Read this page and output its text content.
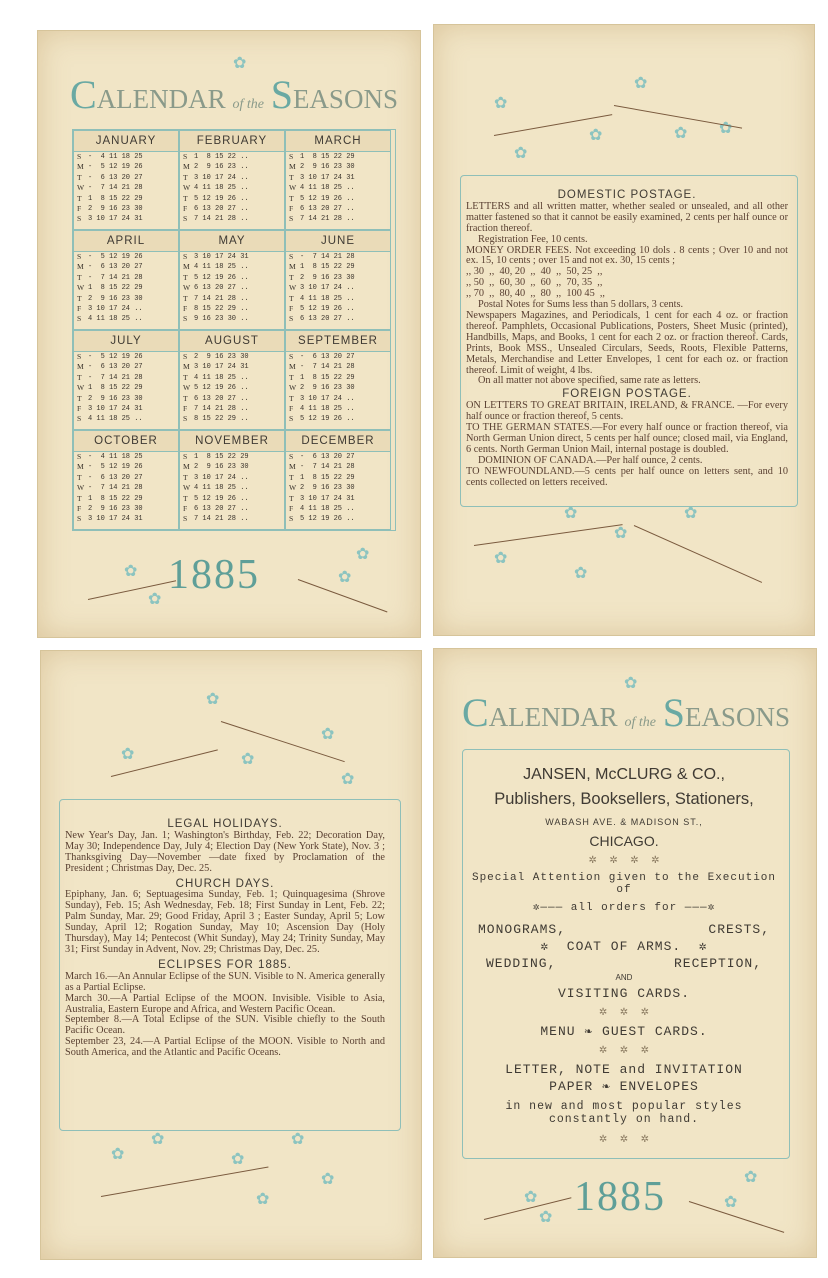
CALENDAR of the SEASONS
JANUARY
S -  4 11 18 25
M -  5 12 19 26
T -  6 13 20 27
W -  7 14 21 28
T 1  8 15 22 29
F 2  9 16 23 30
S 3 10 17 24 31
FEBRUARY
S 1  8 15 22 ..
M 2  9 16 23 ..
T 3 10 17 24 ..
W 4 11 18 25 ..
T 5 12 19 26 ..
F 6 13 20 27 ..
S 7 14 21 28 ..
MARCH
S 1  8 15 22 29
M 2  9 16 23 30
T 3 10 17 24 31
W 4 11 18 25 ..
T 5 12 19 26 ..
F 6 13 20 27 ..
S 7 14 21 28 ..
APRIL
S -  5 12 19 26
M -  6 13 20 27
T -  7 14 21 28
W 1  8 15 22 29
T 2  9 16 23 30
F 3 10 17 24 ..
S 4 11 18 25 ..
MAY
S 3 10 17 24 31
M 4 11 18 25 ..
T 5 12 19 26 ..
W 6 13 20 27 ..
T 7 14 21 28 ..
F 8 15 22 29 ..
S 9 16 23 30 ..
JUNE
S -  7 14 21 28
M 1  8 15 22 29
T 2  9 16 23 30
W 3 10 17 24 ..
T 4 11 18 25 ..
F 5 12 19 26 ..
S 6 13 20 27 ..
JULY
S -  5 12 19 26
M -  6 13 20 27
T -  7 14 21 28
W 1  8 15 22 29
T 2  9 16 23 30
F 3 10 17 24 31
S 4 11 18 25 ..
AUGUST
S 2  9 16 23 30
M 3 10 17 24 31
T 4 11 18 25 ..
W 5 12 19 26 ..
T 6 13 20 27 ..
F 7 14 21 28 ..
S 8 15 22 29 ..
SEPTEMBER
S -  6 13 20 27
M -  7 14 21 28
T 1  8 15 22 29
W 2  9 16 23 30
T 3 10 17 24 ..
F 4 11 18 25 ..
S 5 12 19 26 ..
OCTOBER
S -  4 11 18 25
M -  5 12 19 26
T -  6 13 20 27
W -  7 14 21 28
T 1  8 15 22 29
F 2  9 16 23 30
S 3 10 17 24 31
NOVEMBER
S 1  8 15 22 29
M 2  9 16 23 30
T 3 10 17 24 ..
W 4 11 18 25 ..
T 5 12 19 26 ..
F 6 13 20 27 ..
S 7 14 21 28 ..
DECEMBER
S -  6 13 20 27
M -  7 14 21 28
T 1  8 15 22 29
W 2  9 16 23 30
T 3 10 17 24 31
F 4 11 18 25 ..
S 5 12 19 26 ..
1885
✿
✿
✿
✿
✿
✿
✿
✿
✿
✿
✿
DOMESTIC POSTAGE.

LETTERS and all written matter, whether sealed or unsealed, and all other matter fastened so that it cannot be easily examined, 2 cents per half ounce or fraction thereof.

Registration Fee, 10 cents.

MONEY ORDER FEES. Not exceeding 10 dols . 8 cents ; Over 10 and not ex. 15, 10 cents ; over 15 and not ex. 30, 15 cents ;

,, 30  ,,  40, 20  ,,  40  ,,  50, 25  ,,

,, 50  ,,  60, 30  ,,  60  ,,  70, 35  ,,

,, 70  ,,  80, 40  ,,  80  ,,  100 45  ,,

Postal Notes for Sums less than 5 dollars, 3 cents.

Newspapers Magazines, and Periodicals, 1 cent for each 4 oz. or fraction thereof. Pamphlets, Occasional Publications, Posters, Sheet Music (printed), Handbills, Maps, and Books, 1 cent for each 2 oz. or fraction thereof. Cards, Prints, Book MSS., Unsealed Circulars, Seeds, Roots, Flexible Patterns, Metals, Merchandise and Letter Envelopes, 1 cent for each oz. or fraction thereof. Limit of weight, 4 lbs.

On all matter not above specified, same rate as letters.

FOREIGN POSTAGE.

ON LETTERS TO GREAT BRITAIN, IRELAND, & FRANCE. —For every half ounce or fraction thereof, 5 cents.

TO THE GERMAN STATES.—For every half ounce or fraction thereof, via North German Union direct, 5 cents per half ounce; closed mail, via England, 6 cents. North German Union Mail, internal postage is doubled.

DOMINION OF CANADA.—Per half ounce, 2 cents.

TO NEWFOUNDLAND.—5 cents per half ounce on letters sent, and 10 cents collected on letters received.

✿
✿
✿
✿
✿
✿
✿
✿
✿
✿
LEGAL HOLIDAYS.

New Year's Day, Jan. 1; Washington's Birthday, Feb. 22; Decoration Day, May 30; Independence Day, July 4; Election Day (New York State), Nov. 3 ; Thanksgiving Day—November —date fixed by Proclamation of the President ; Christmas Day, Dec. 25.

CHURCH DAYS.

Epiphany, Jan. 6; Septuagesima Sunday, Feb. 1; Quinquagesima (Shrove Sunday), Feb. 15; Ash Wednesday, Feb. 18; First Sunday in Lent, Feb. 22; Palm Sunday, Mar. 29; Good Friday, April 3 ; Easter Sunday, April 5; Low Sunday, April 12; Rogation Sunday, May 10; Ascension Day (Holy Thursday), May 14; Pentecost (Whit Sunday), May 24; Trinity Sunday, May 31; First Sunday in Advent, Nov. 29; Christmas Day, Dec. 25.

ECLIPSES FOR 1885.

March 16.—An Annular Eclipse of the SUN. Visible to N. America generally as a Partial Eclipse.

March 30.—A Partial Eclipse of the MOON. Invisible. Visible to Asia, Australia, Eastern Europe and Africa, and Western Pacific Ocean.

September 8.—A Total Eclipse of the SUN. Visible chiefly to the South Pacific Ocean.

September 23, 24.—A Partial Eclipse of the MOON. Visible to North and South America, and the Atlantic and Pacific Oceans.

✿
✿
✿
✿
✿
✿
CALENDAR of the SEASONS
✿
JANSEN, McCLURG & CO.,
Publishers, Booksellers, Stationers,
WABASH AVE. & MADISON ST.,
CHICAGO.
✲     ✲     ✲     ✲
Special Attention given to the Execution of
✲——— all orders for ———✲
MONOGRAMS,	CRESTS,
✲  COAT OF ARMS.  ✲
WEDDING,	RECEPTION,
AND
VISITING CARDS.
✲     ✲     ✲
MENU ❧ GUEST CARDS.
✲     ✲     ✲
LETTER, NOTE and INVITATION
PAPER ❧ ENVELOPES
in new and most popular styles constantly on hand.
✲     ✲     ✲
1885
✿
✿
✿
✿
